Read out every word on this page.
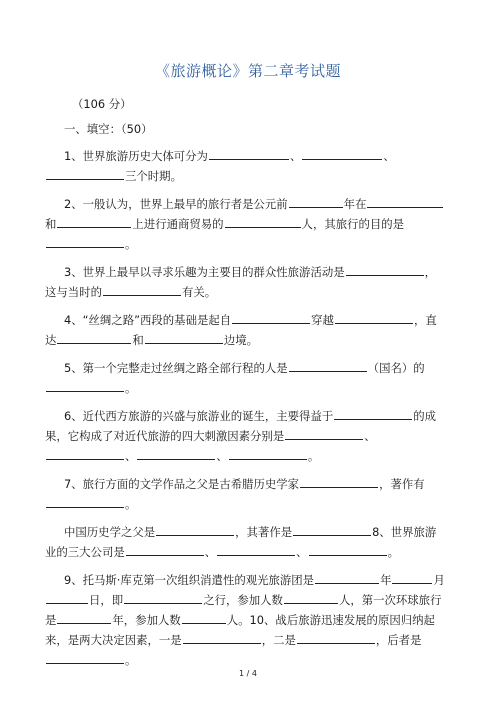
《旅游概论》第二章考试题
（106 分）
一、填空：（50）
1、世界旅游历史大体可分为	、	、
三个时期。
2、一般认为，世界上最早的旅行者是公元前	年在
和	上进行通商贸易的	人，其旅行的目的是
。
3、世界上最早以寻求乐趣为主要目的群众性旅游活动是	，
这与当时的	有关。
4、“丝绸之路”西段的基础是起自	穿越	，直
达	和	边境。
5、第一个完整走过丝绸之路全部行程的人是	（国名）的
。
6、近代西方旅游的兴盛与旅游业的诞生，主要得益于	的成
果，它构成了对近代旅游的四大刺激因素分别是	、
、	、	。
7、旅行方面的文学作品之父是古希腊历史学家	，著作有
。
中国历史学之父是	，其著作是	8、世界旅游
业的三大公司是	、	、	。
9、托马斯·库克第一次组织消遣性的观光旅游团是	年	月
日，即	之行，参加人数	人，第一次环球旅行
是	年，参加人数	人。10、战后旅游迅速发展的原因归纳起
来，是两大决定因素，一是	，二是	，后者是
。
1 / 4
